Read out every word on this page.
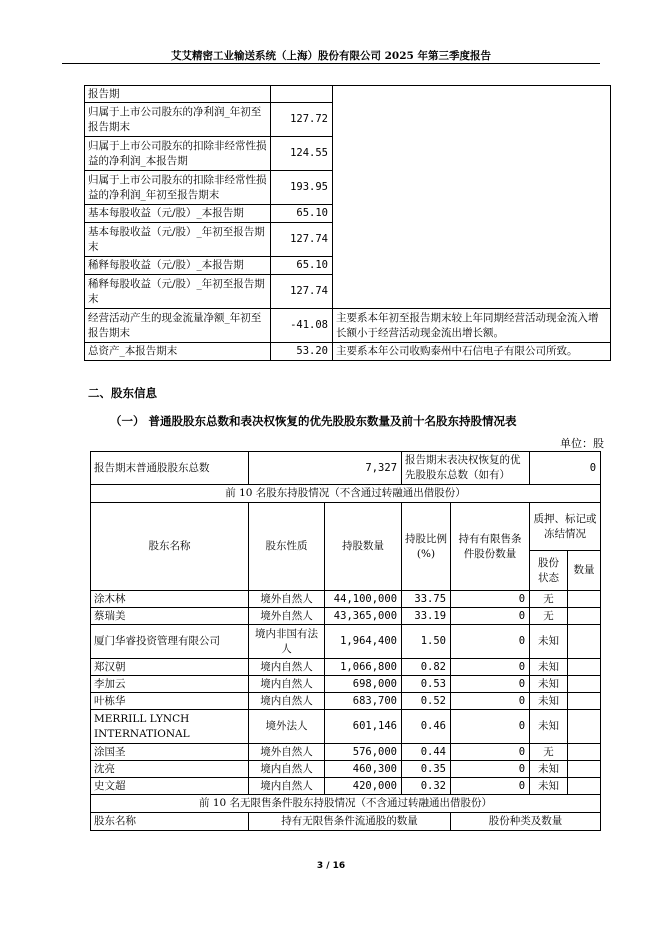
艾艾精密工业输送系统（上海）股份有限公司 2025 年第三季度报告
报告期		
归属于上市公司股东的净利润_年初至报告期末	127.72	
归属于上市公司股东的扣除非经常性损益的净利润_本报告期	124.55	
归属于上市公司股东的扣除非经常性损益的净利润_年初至报告期末	193.95	
基本每股收益（元/股）_本报告期	65.10	
基本每股收益（元/股）_年初至报告期末	127.74	
稀释每股收益（元/股）_本报告期	65.10	
稀释每股收益（元/股）_年初至报告期末	127.74	
经营活动产生的现金流量净额_年初至报告期末	-41.08	主要系本年初至报告期末较上年同期经营活动现金流入增长额小于经营活动现金流出增长额。
总资产_本报告期末	53.20	主要系本年公司收购泰州中石信电子有限公司所致。
二、股东信息
（一） 普通股股东总数和表决权恢复的优先股股东数量及前十名股东持股情况表
单位：股
报告期末普通股股东总数	7,327		报告期末表决权恢复的优先股股东总数（如有）		0	
前 10 名股东持股情况（不含通过转融通出借股份）						
股东名称	股东性质	持股数量	持股比例(%)	持有有限售条件股份数量	质押、标记或冻结情况	
					股份状态	数量
涂木林	境外自然人	44,100,000	33.75	0	无	
蔡瑞美	境外自然人	43,365,000	33.19	0	无	
厦门华睿投资管理有限公司	境内非国有法人	1,964,400	1.50	0	未知	
郑汉朝	境内自然人	1,066,800	0.82	0	未知	
李加云	境内自然人	698,000	0.53	0	未知	
叶栋华	境内自然人	683,700	0.52	0	未知	
MERRILL LYNCH INTERNATIONAL	境外法人	601,146	0.46	0	未知	
涂国圣	境外自然人	576,000	0.44	0	无	
沈亮	境内自然人	460,300	0.35	0	未知	
史文超	境内自然人	420,000	0.32	0	未知	
前 10 名无限售条件股东持股情况（不含通过转融通出借股份）						
股东名称	持有无限售条件流通股的数量			股份种类及数量		
3 / 16
